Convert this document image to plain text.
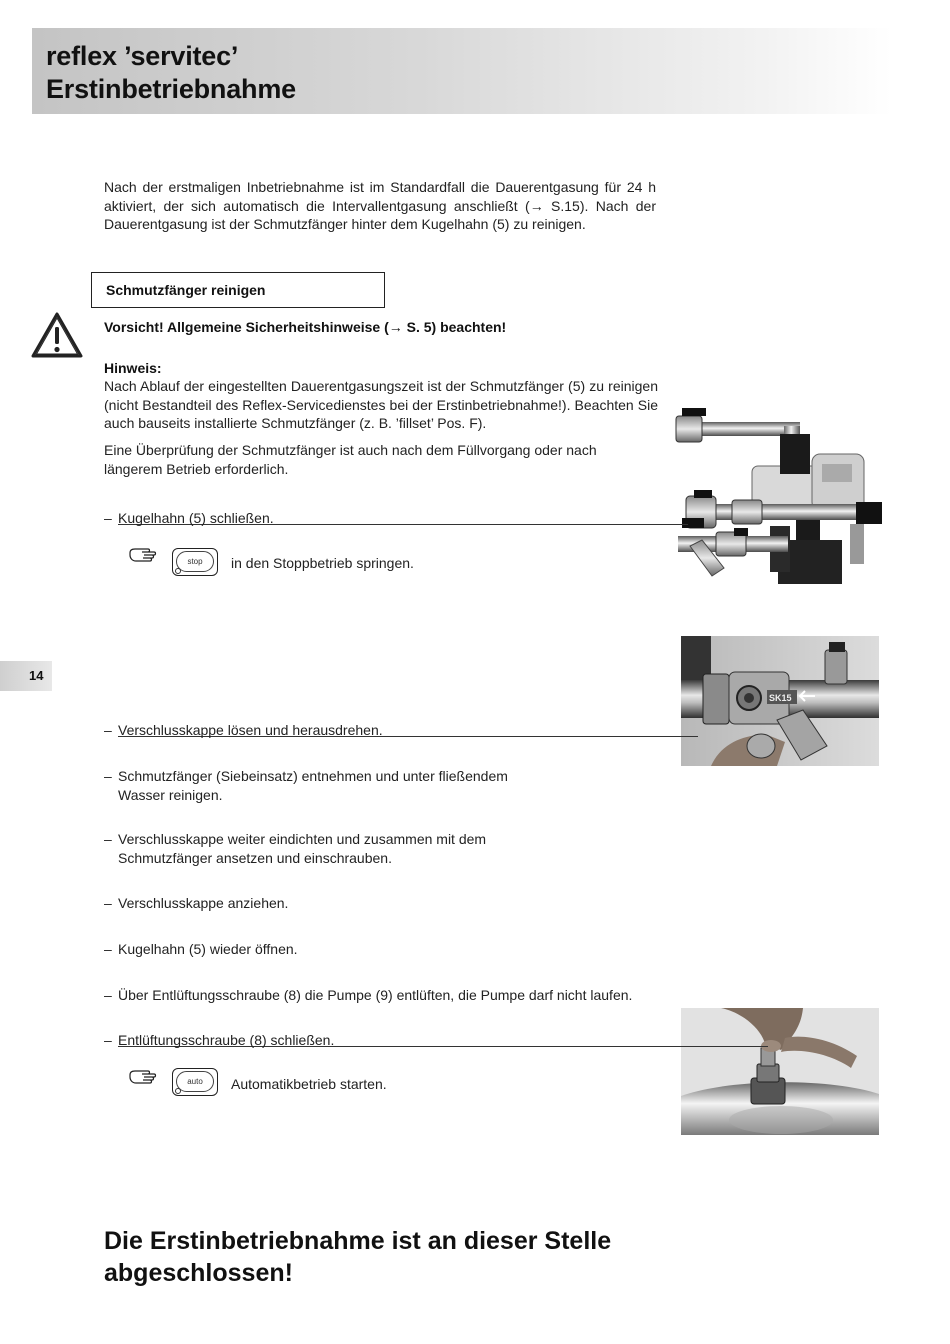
reflex ’servitec’
Erstinbetriebnahme

Nach der erstmaligen Inbetriebnahme ist im Standardfall die Dauerentgasung für 24 h aktiviert, der sich automatisch die Intervallentgasung anschließt (→ S.15). Nach der Dauerentgasung ist der Schmutzfänger hinter dem Kugelhahn (5) zu reinigen.

Schmutzfänger reinigen
Vorsicht! Allgemeine Sicherheitshinweise (→ S. 5) beachten!
Hinweis:

Nach Ablauf der eingestellten Dauerentgasungszeit ist der Schmutzfänger (5) zu reinigen (nicht Bestandteil des Reflex-Servicedienstes bei der Erstinbetriebnahme!). Beachten Sie auch bauseits installierte Schmutzfänger (z. B. ’fillset’ Pos. F).

Eine Überprüfung der Schmutzfänger ist auch nach dem Füllvorgang oder nach längerem Betrieb erforderlich.

– Kugelhahn (5) schließen.
stop	in den Stoppbetrieb springen.
14
SK15
– Verschlusskappe lösen und herausdrehen.
– Schmutzfänger (Siebeinsatz) entnehmen und unter fließendem
Wasser reinigen.
– Verschlusskappe weiter eindichten und zusammen mit dem
Schmutzfänger ansetzen und einschrauben.
– Verschlusskappe anziehen.
– Kugelhahn (5) wieder öffnen.
– Über Entlüftungsschraube (8) die Pumpe (9) entlüften, die Pumpe darf nicht laufen.
– Entlüftungsschraube (8) schließen.
auto	Automatikbetrieb starten.
Die Erstinbetriebnahme ist an dieser Stelle
abgeschlossen!
